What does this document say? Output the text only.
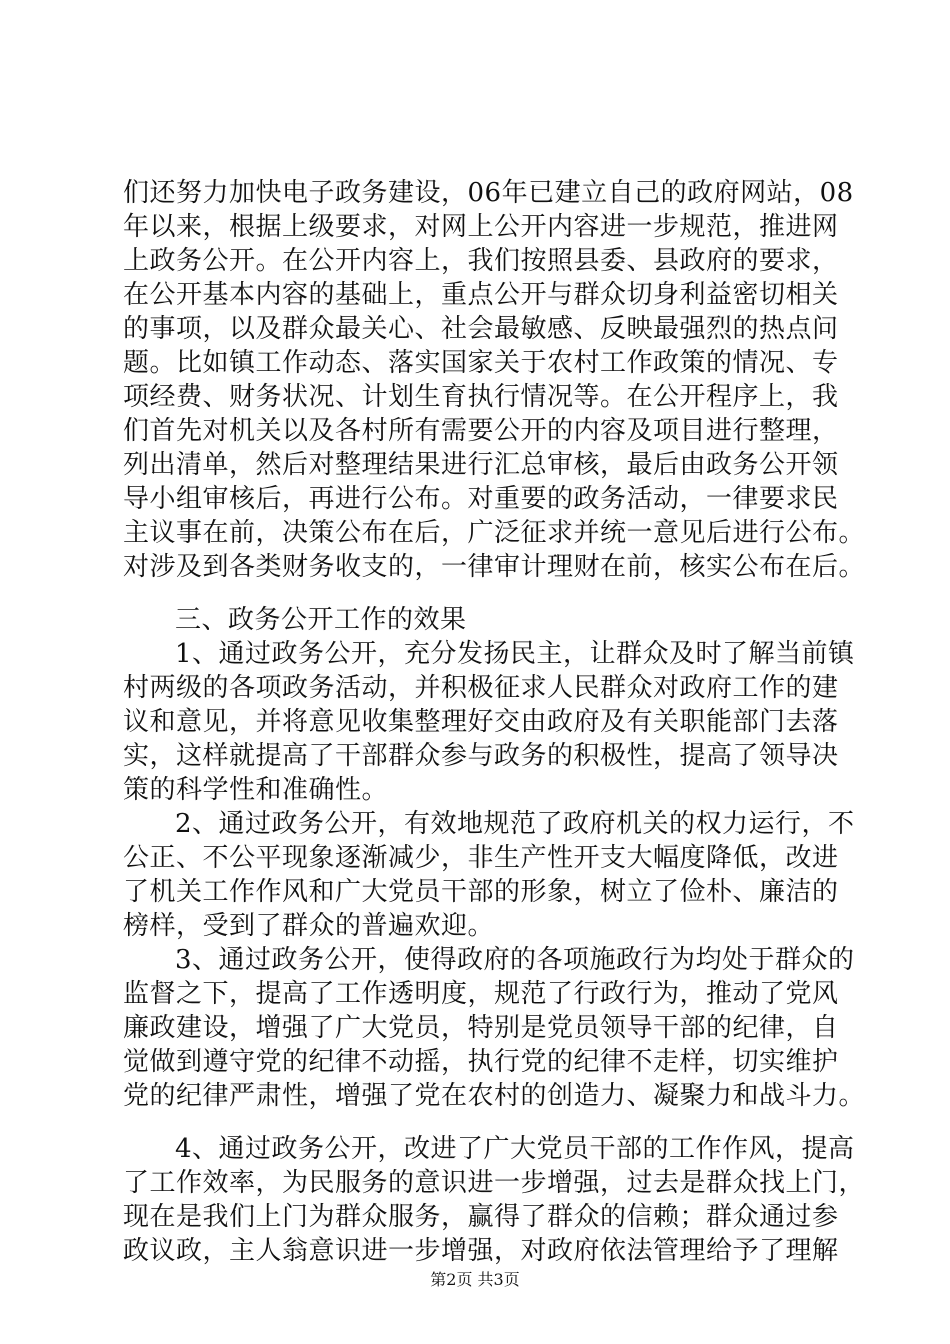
们还努力加快电子政务建设，06年已建立自己的政府网站，08
年以来，根据上级要求，对网上公开内容进一步规范，推进网
上政务公开。在公开内容上，我们按照县委、县政府的要求，
在公开基本内容的基础上，重点公开与群众切身利益密切相关
的事项，以及群众最关心、社会最敏感、反映最强烈的热点问
题。比如镇工作动态、落实国家关于农村工作政策的情况、专
项经费、财务状况、计划生育执行情况等。在公开程序上，我
们首先对机关以及各村所有需要公开的内容及项目进行整理，
列出清单，然后对整理结果进行汇总审核，最后由政务公开领
导小组审核后，再进行公布。对重要的政务活动，一律要求民
主议事在前，决策公布在后，广泛征求并统一意见后进行公布。
对涉及到各类财务收支的，一律审计理财在前，核实公布在后。
三、政务公开工作的效果
1、通过政务公开，充分发扬民主，让群众及时了解当前镇
村两级的各项政务活动，并积极征求人民群众对政府工作的建
议和意见，并将意见收集整理好交由政府及有关职能部门去落
实，这样就提高了干部群众参与政务的积极性，提高了领导决
策的科学性和准确性。
2、通过政务公开，有效地规范了政府机关的权力运行，不
公正、不公平现象逐渐减少，非生产性开支大幅度降低，改进
了机关工作作风和广大党员干部的形象，树立了俭朴、廉洁的
榜样，受到了群众的普遍欢迎。
3、通过政务公开，使得政府的各项施政行为均处于群众的
监督之下，提高了工作透明度，规范了行政行为，推动了党风
廉政建设，增强了广大党员，特别是党员领导干部的纪律，自
觉做到遵守党的纪律不动摇，执行党的纪律不走样，切实维护
党的纪律严肃性，增强了党在农村的创造力、凝聚力和战斗力。
4、通过政务公开，改进了广大党员干部的工作作风，提高
了工作效率，为民服务的意识进一步增强，过去是群众找上门，
现在是我们上门为群众服务，赢得了群众的信赖；群众通过参
政议政，主人翁意识进一步增强，对政府依法管理给予了理解
第2页 共3页
